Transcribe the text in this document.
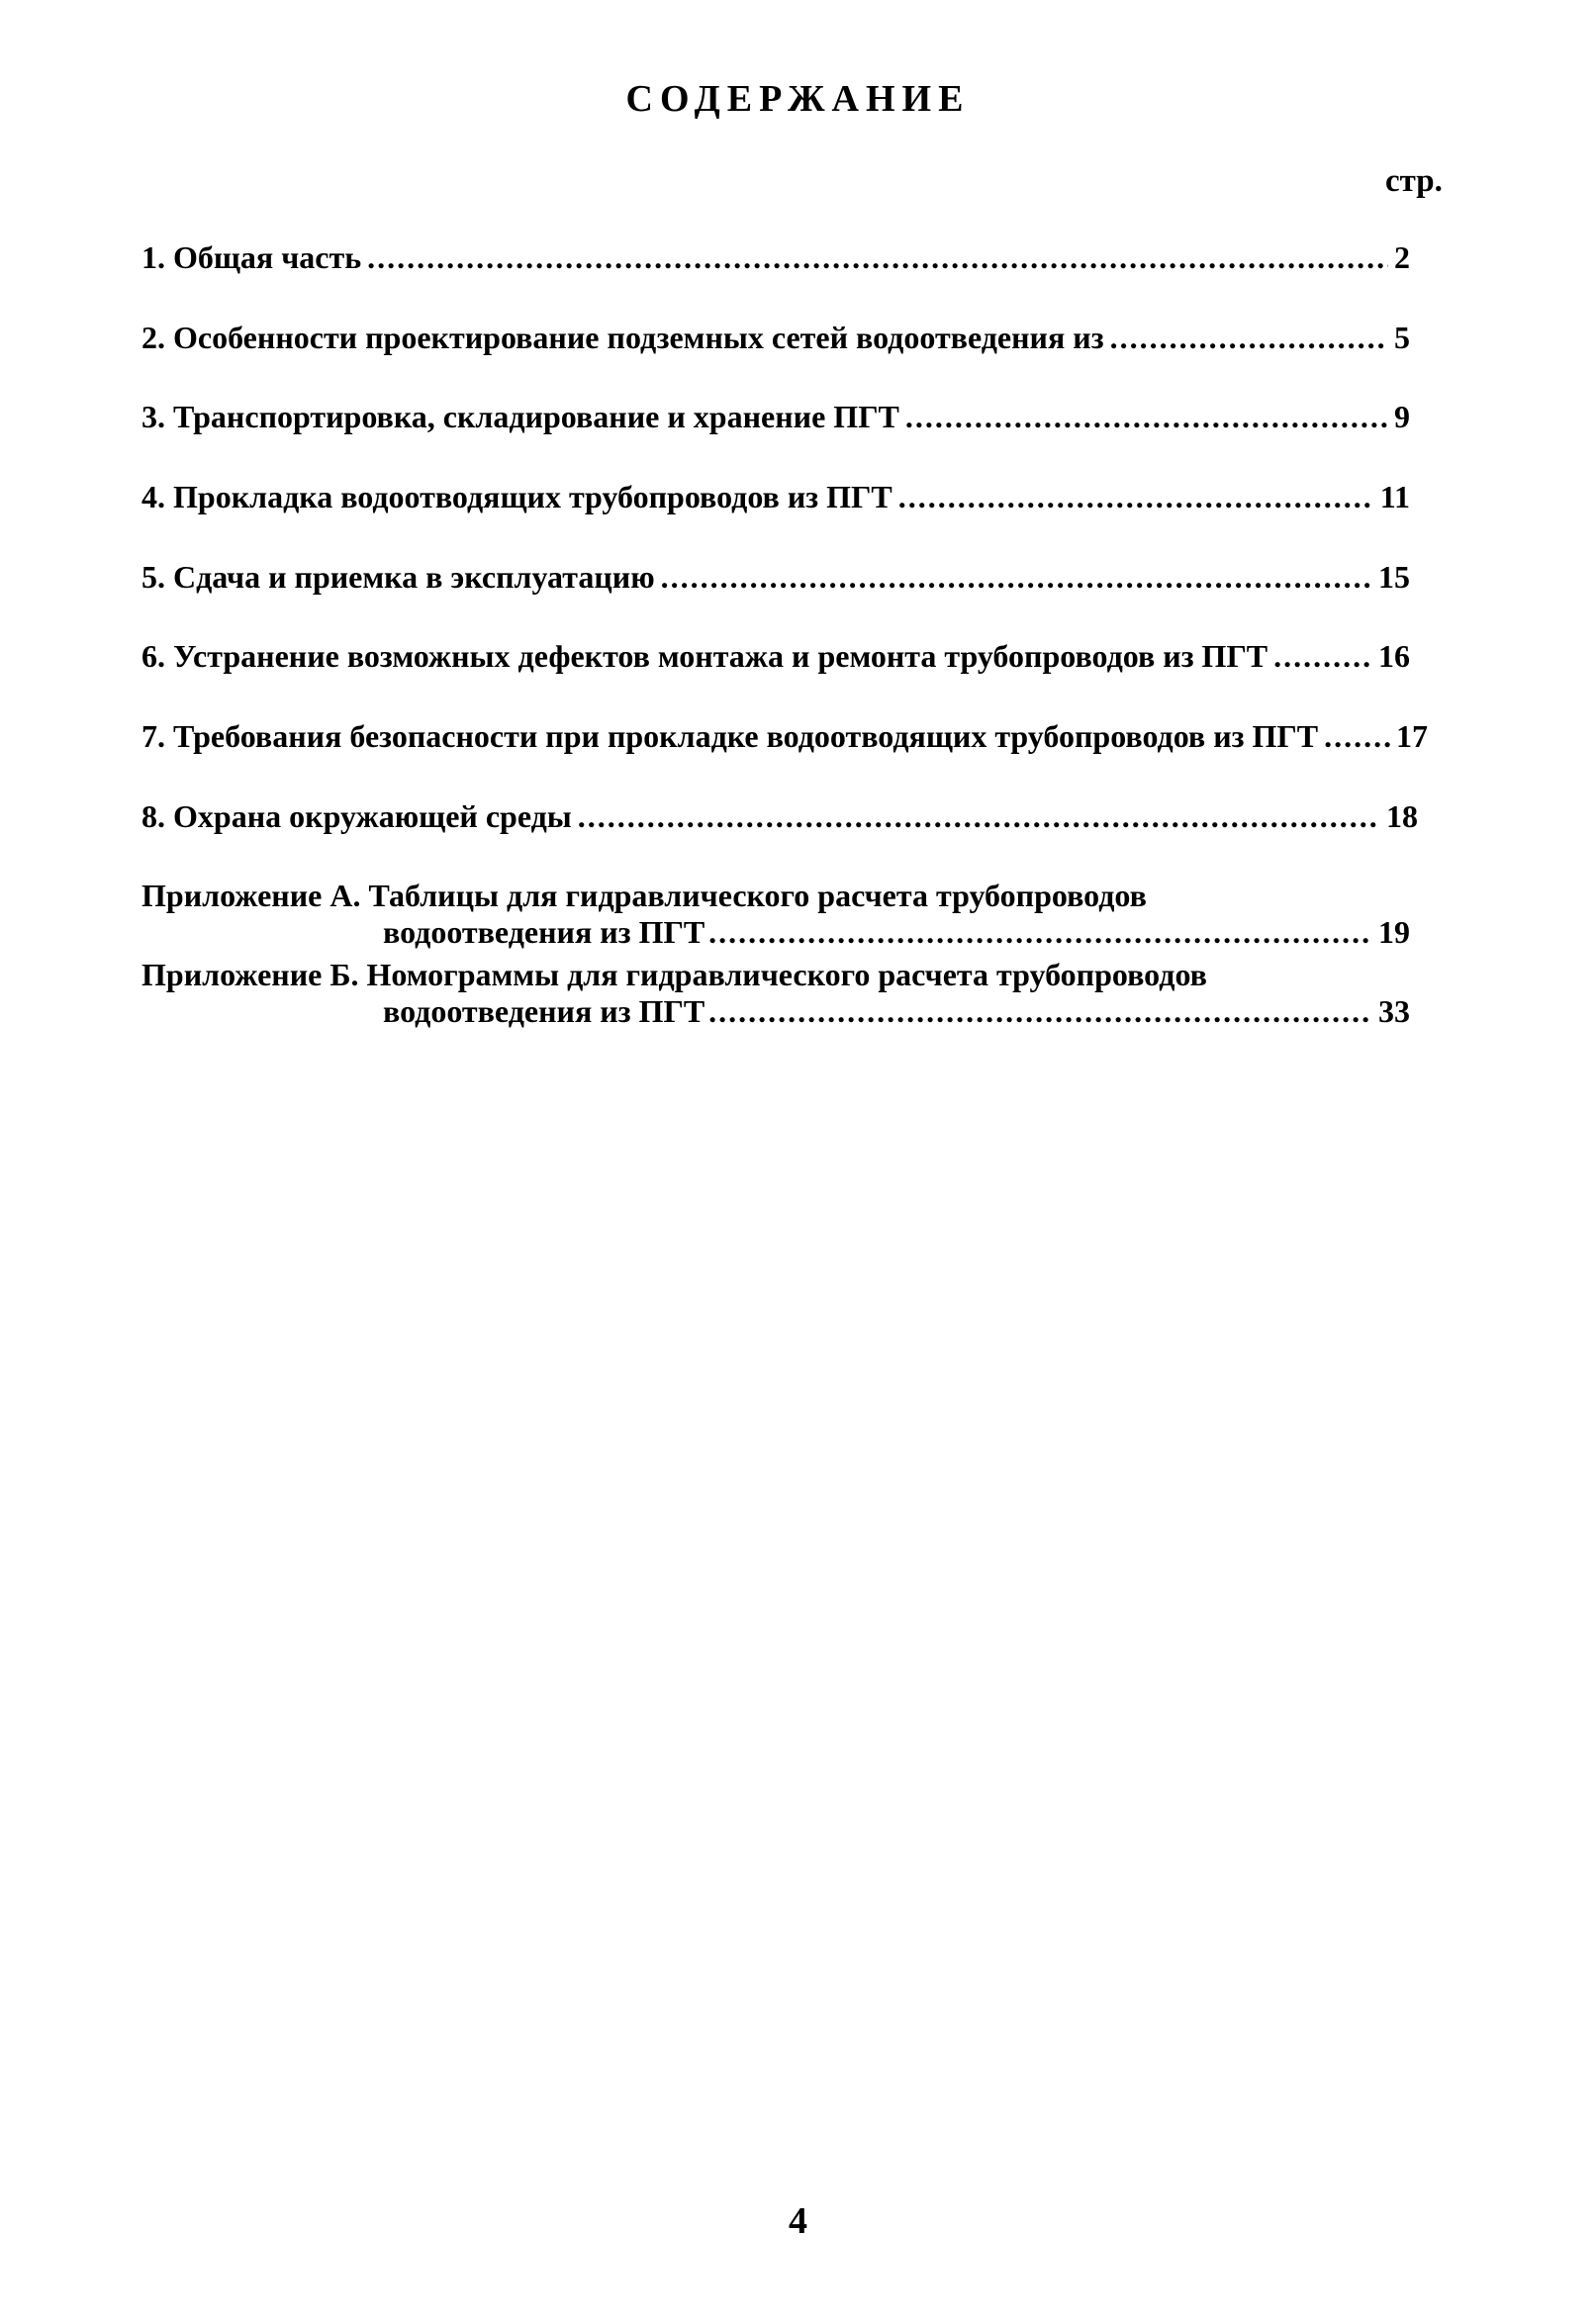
СОДЕРЖАНИЕ
стр.
1. Общая часть .....	2
2. Особенности проектирование подземных сетей водоотведения из .....	5
3. Транспортировка, складирование и хранение ПГТ .....	9
4. Прокладка водоотводящих трубопроводов из ПГТ .....	11
5. Сдача и приемка в эксплуатацию .....	15
6. Устранение возможных дефектов монтажа и ремонта трубопроводов из ПГТ .....	16
7. Требования безопасности при прокладке водоотводящих трубопроводов из ПГТ ..... 17
8. Охрана окружающей среды .....	18
Приложение А. Таблицы для гидравлического расчета трубопроводов
водоотведения из ПГТ .....	19
Приложение Б. Номограммы для гидравлического расчета трубопроводов
водоотведения из ПГТ .....	33
4
